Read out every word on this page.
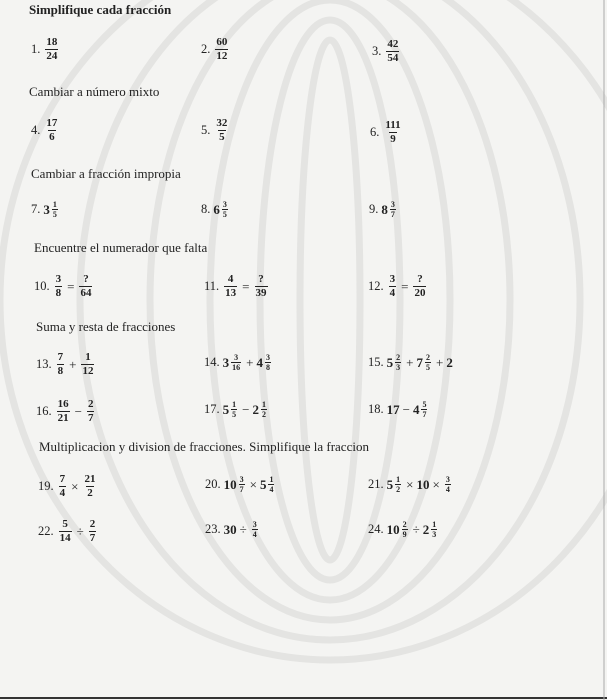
Simplifique cada fracción
1. $\frac{18}{24}$	2. $\frac{60}{12}$	3. $\frac{42}{54}$
Cambiar a número mixto
4. $\frac{17}{6}$	5. $\frac{32}{5}$	6. $\frac{111}{9}$
Cambiar a fracción impropia
7. $3 \frac{1}{5}$	8. $6 \frac{3}{5}$	9. $8 \frac{3}{7}$
Encuentre el numerador que falta
10. $\frac{3}{8} = \frac{?}{64}$	11. $\frac{4}{13} = \frac{?}{39}$	12. $\frac{3}{4} = \frac{?}{20}$
Suma y resta de fracciones
13. $\frac{7}{8} + \frac{1}{12}$	14. $3 \frac{3}{16} + 4 \frac{3}{8}$	15. $5 \frac{2}{3} + 7 \frac{2}{5} + 2$
16. $\frac{16}{21} - \frac{2}{7}$	17. $5 \frac{1}{5} - 2 \frac{1}{2}$	18. $17 - 4 \frac{5}{7}$
Multiplicacion y division de fracciones. Simplifique la fraccion
19. $\frac{7}{4} \times \frac{21}{2}$	20. $10 \frac{3}{7} \times 5 \frac{1}{4}$	21. $5 \frac{1}{2} \times 10 \times \frac{3}{4}$
22. $\frac{5}{14} \div \frac{2}{7}$	23. $30 \div \frac{3}{4}$	24. $10 \frac{2}{9} \div 2 \frac{1}{3}$
